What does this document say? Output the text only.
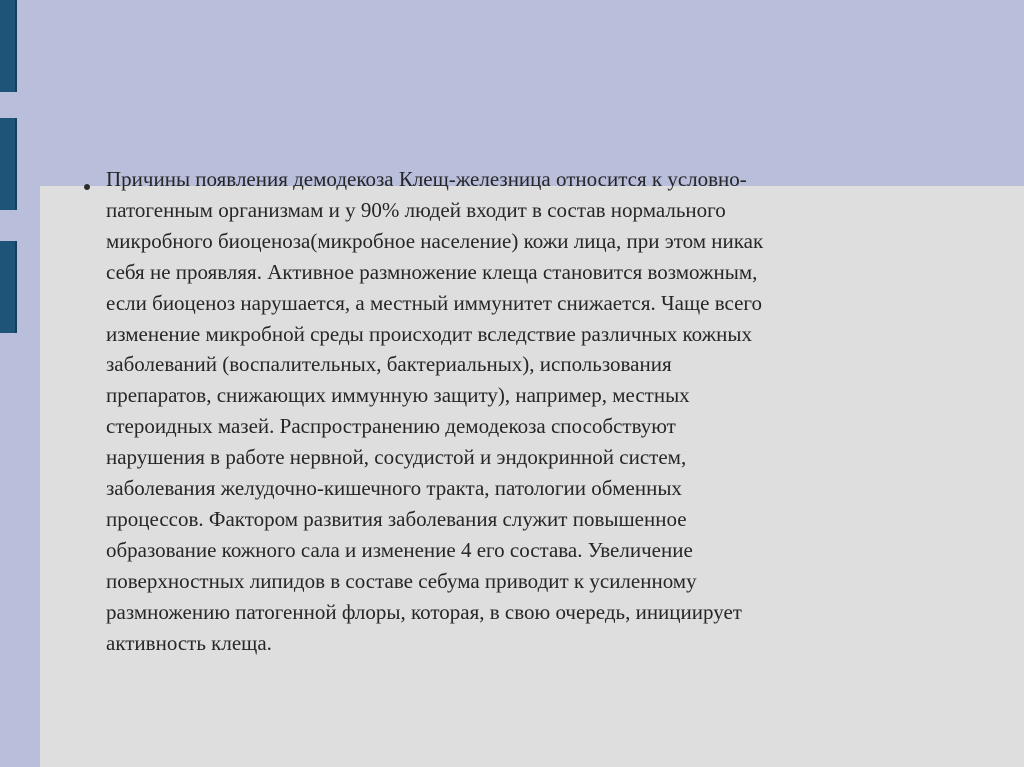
Причины появления демодекоза Клещ-железница относится к условно-
патогенным организмам и у 90% людей входит в состав нормального
микробного биоценоза(микробное население) кожи лица, при этом никак
себя не проявляя. Активное размножение клеща становится возможным,
если биоценоз нарушается, а местный иммунитет снижается. Чаще всего
изменение микробной среды происходит вследствие различных кожных
заболеваний (воспалительных, бактериальных), использования
препаратов, снижающих иммунную защиту), например, местных
стероидных мазей. Распространению демодекоза способствуют
нарушения в работе нервной, сосудистой и эндокринной систем,
заболевания желудочно-кишечного тракта, патологии обменных
процессов. Фактором развития заболевания служит повышенное
образование кожного сала и изменение 4 его состава. Увеличение
поверхностных липидов в составе себума приводит к усиленному
размножению патогенной флоры, которая, в свою очередь, инициирует
активность клеща.
